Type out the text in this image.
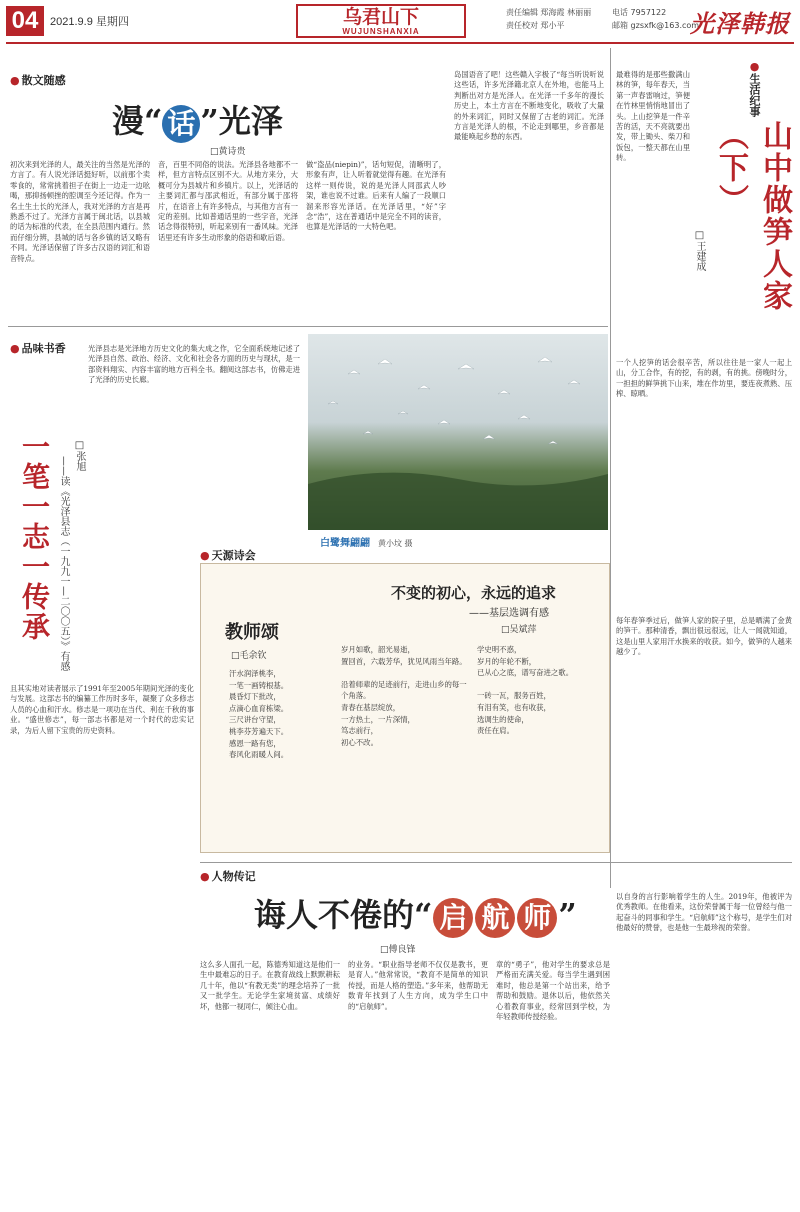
04	2021.9.9 星期四	乌君山下
WUJUNSHANXIA
责任编辑 郑海霞 林丽丽
责任校对 郑小平
电话 7957122
邮箱 gzsxfk@163.com
光泽韩报
● 散文随感
漫“ 话 ”光泽
□黄诗贵
初次来到光泽的人，最关注的当然是光泽的方言了。有人说光泽话挺好听，以前那个卖零食的，常常挑着担子在街上一边走一边吆喝，那抑扬顿挫的腔调至今还记得。作为一名土生土长的光泽人，我对光泽的方言是再熟悉不过了。光泽方言属于闽北话，以县城的话为标准的代表，在全县范围内通行。然而仔细分辨，县城的话与各乡镇的话又略有不同。光泽话保留了许多古汉语的词汇和语音特点。
音，百里不同俗的说法。光泽县各地都不一样，但方言特点区别不大。从地方来分，大概可分为县城片和乡镇片。以上，光泽话的主要词汇都与邵武相近，有部分属于邵将片，在语音上有许多特点，与其他方言有一定的差别。比如普通话里的一些字音，光泽话念得很特别，听起来别有一番风味。光泽话里还有许多生动形象的俗语和歇后语。
做“盗品(niepin)”，话句短促，清晰明了，形象有声，让人听着就觉得有趣。在光泽有这样一则传说，说的是光泽人同邵武人吵架，谁也说不过谁。后来有人编了一段顺口溜来形容光泽话。在光泽话里，“好”字念“浩”，这在普通话中是完全不同的读音，也算是光泽话的一大特色吧。
岛国语音了吧！这些赣入字极了“每当听说听说这些话，许多光泽籍北京人在外地，也能马上判断出对方是光泽人。在光泽一千多年的漫长历史上，本土方言在不断地变化，吸收了大量的外来词汇，同时又保留了古老的词汇。光泽方言是光泽人的根，不论走到哪里，乡音都是最能唤起乡愁的东西。
● 生活纪事
山中做笋人家（下）
□王建成
最难得的是那些撒满山林的笋，每年春天，当第一声春雷响过，笋便在竹林里悄悄地冒出了头。上山挖笋是一件辛苦的活，天不亮就要出发，带上锄头、柴刀和饭包，一整天都在山里转。
一个人挖笋的话会很辛苦，所以往往是一家人一起上山，分工合作，有的挖，有的剥，有的挑。傍晚时分，一担担的鲜笋挑下山来，堆在作坊里，要连夜煮熟、压榨、晾晒。
每年春笋季过后，做笋人家的院子里，总是晒满了金黄的笋干。那种清香，飘出很远很远，让人一闻就知道，这是山里人家用汗水换来的收获。如今，做笋的人越来越少了。
● 品味书香
一笔一志一传承 ——读《光泽县志（一九九一—二〇〇五）》有感
□张旭
光泽县志是光泽地方历史文化的集大成之作，它全面系统地记述了光泽县自然、政治、经济、文化和社会各方面的历史与现状，是一部资料翔实、内容丰富的地方百科全书。翻阅这部志书，仿佛走进了光泽的历史长廊。
且其实地对读者展示了1991年至2005年期间光泽的变化与发展。这部志书的编纂工作历时多年，凝聚了众多修志人员的心血和汗水。修志是一项功在当代、利在千秋的事业。“盛世修志”，每一部志书都是对一个时代的忠实记录，为后人留下宝贵的历史资料。
白鹭舞翩翩 黄小坟 摄
● 天源诗会
教师颂
□毛余钦
汗水润泽桃李，
一笔一画铸根基。
晨昏灯下批改，
点滴心血育栋梁。
三尺讲台守望，
桃李芬芳遍天下。
感恩一路有您，
春风化雨暖人间。
不变的初心，永远的追求
——基层选调有感
□吴斌萍
岁月如歌，韶光易逝，
置回首，六载芳华，犹见风雨当年路。

沿着师辈的足迹前行，走进山乡的每一个角落。
青春在基层绽放，
一方热土，一片深情，
笃志前行，
初心不改。
学史明不惑，
岁月的年轮不断，
已从心之底，谱写奋进之歌。

一砖一瓦，服务百姓，
有泪有笑，也有收获，
选调生的使命，
责任在肩。
● 人物传记
诲人不倦的“ 启 航 师 ”
□傅良锋
这么多人面孔一起，陈德秀知道这是他们一生中最难忘的日子。在教育战线上默默耕耘几十年，他以“有教无类”的理念培养了一批又一批学生。无论学生家境贫富、成绩好坏，他都一视同仁，倾注心血。
的业务。“职业指导老师不仅仅是教书，更是育人。”他常常说，“教育不是简单的知识传授，而是人格的塑造。”多年来，他帮助无数青年找到了人生方向，成为学生口中的“启航师”。
章的“勇子”，他对学生的要求总是严格而充满关爱。每当学生遇到困难时，他总是第一个站出来，给予帮助和鼓励。退休以后，他依然关心着教育事业，经常回到学校，为年轻教师传授经验。
以自身的言行影响着学生的人生。2019年，他被评为优秀教师。在他看来，这份荣誉属于每一位曾经与他一起奋斗的同事和学生。“启航师”这个称号，是学生们对他最好的赞誉，也是他一生最珍视的荣誉。
